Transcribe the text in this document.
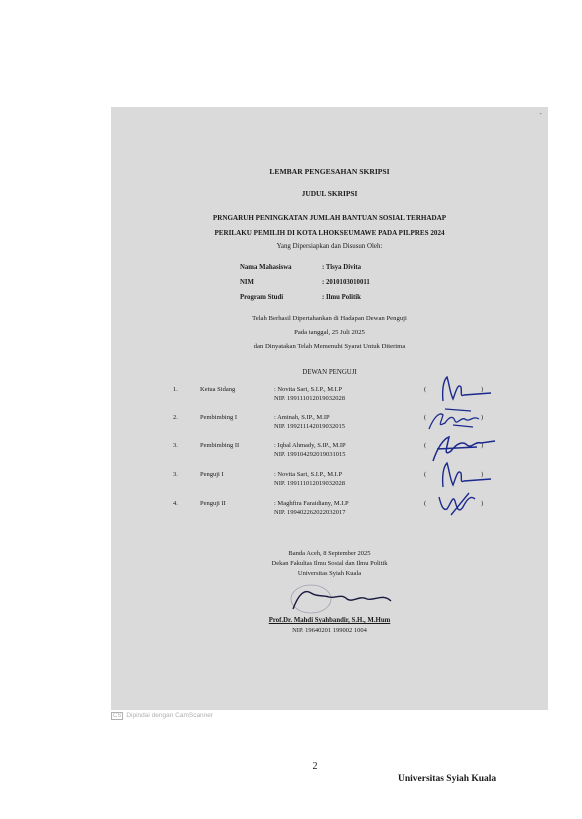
-
LEMBAR PENGESAHAN SKRIPSI
JUDUL SKRIPSI
PRNGARUH PENINGKATAN JUMLAH BANTUAN SOSIAL TERHADAP
PERILAKU PEMILIH DI KOTA LHOKSEUMAWE PADA PILPRES 2024
Yang Dipersiapkan dan Disusun Oleh:
Nama Mahasiswa	: Tisya Divita
NIM	: 2010103010011
Program Studi	: Ilmu Politik
Telah Berhasil Dipertahankan di Hadapan Dewan Penguji
Pada tanggal, 25 Juli 2025
dan Dinyatakan Telah Memenuhi Syarat Untuk Diterima
DEWAN PENGUJI
1.	Ketua Sidang	: Novita Sari, S.I.P., M.I.P
NIP. 199111012019032028
(	)
2.	Pembimbing I	: Aminah, S.IP., M.IP
NIP. 199211142019032015
(	)
3.	Pembimbing II	: Iqbal Ahmady, S.IP., M.IP
NIP. 199104292019031015
(	)
3.	Penguji I	: Novita Sari, S.I.P., M.I.P
NIP. 199111012019032028
(	)
4.	Penguji II	: Maghfira Faraidiany, M.I.P
NIP. 199402262022032017
(	)
Banda Aceh, 8 September 2025
Dekan Fakultas Ilmu Sosial dan Ilmu Politik
Universitas Syiah Kuala
Prof.Dr. Mahdi Syahbandir, S.H., M.Hum
NIP. 19640201 199002 1004
CS Dipindai dengan CamScanner
2
Universitas Syiah Kuala
